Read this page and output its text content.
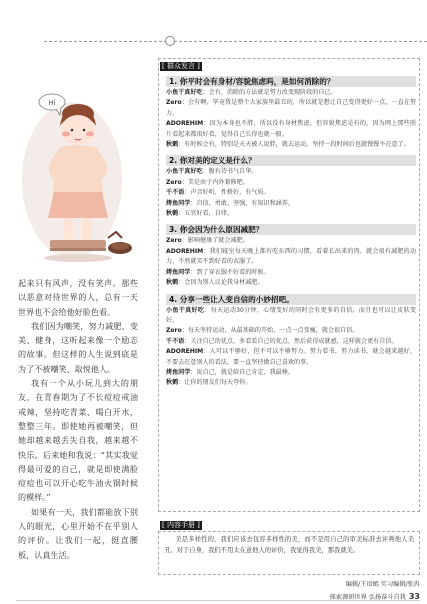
Hi

起来只有风声，没有笑声。那些以恶意对待世界的人，总有一天世界也不会给他好脸色看。

我们因为嘲笑，努力减肥、变美、健身，这听起来像一个励志的故事。但这样的人生说到底是为了不被嘲笑、取悦他人。

我有一个从小玩儿到大的朋友，在青春期为了不长痘痘戒油戒辣，坚持吃青菜、喝白开水，整整三年。即使她再被嘲笑，但她却越来越丢失自我，越来越不快乐。后来她和我说：“其实我觉得最可爱的自己，就是即使满脸痘痘也可以开心吃牛油火锅时候的模样。”

如果有一天，我们都能放下别人的眼光，心里开始不在乎别人的评价。让我们一起，挺直腰板，认真生活。

[ 群众发言 ]
1. 你平时会有身材/容貌焦虑吗，是如何消除的？

小鱼干真好吃：会有，消除的方法就是努力改变现阶段的自己。

Zero：会有啊，毕竟我是整个大家族里最丑的，所以就是想让自己变得更好一点，一直在努力。

ADOREHIM：因为本身也不胖，所以没有身材焦虑，但容貌焦虑是有的，因为网上那些照片看起来都很好看，觉得自己长得也就一般。

秋鹤：有时候会有，特别是天天被人说胖，就去运动，坚持一段时间后也就慢慢不在意了。

2. 你对美的定义是什么？

小鱼干真好吃：腹有诗书气自华。

Zero：美是由于内外兼修吧。

千不语：声音好听，性格好，有气质。

烤鱼同学：自信、勇敢、坚强、有知识和涵养。

秋鹤：五官好看，自律。

3. 你会因为什么原因减肥？

Zero：影响健康了就会减肥。

ADOREHIM：我们寝室每天晚上都有吃东西的习惯，看着长出来的肉，就会很有减肥的动力，不然就买不到好看的衣服了。

烤鱼同学：到了穿衣服不好看的时候。

秋鹤：会因为别人议论我身材减肥。

4. 分享一些让人变自信的小妙招吧。

小鱼干真好吃：每天运动30分钟，心情变好的同时会有更多的自信，而且也可以让皮肤变好。

Zero：每天坚持运动，从最基础的开始，一点一点变瘦，就会很自信。

千不语：关注自己的优点，多看看自己的优点，然后获得成就感，这样就会更有自信。

ADOREHIM：人可以不够好，但不可以不够努力。努力看书，努力读书，就会越来越好，不要去在意别人的看法，要一直坚持做自己喜欢的事。

烤鱼同学：说自己，就是给自己肯定，我最棒。

秋鹤：让你的朋友们每天夸你。

[ 内容手册 ]

美是多样性的，我们应该去包容多样性的美，而不是用自己的审美标准去评判他人美丑。对于自身，我们不用太在意他人的评价，我觉得我美，那我就美。

编辑/王语嫣 实习编辑/张冉
探索调研世界 弘扬奋斗自我 33
